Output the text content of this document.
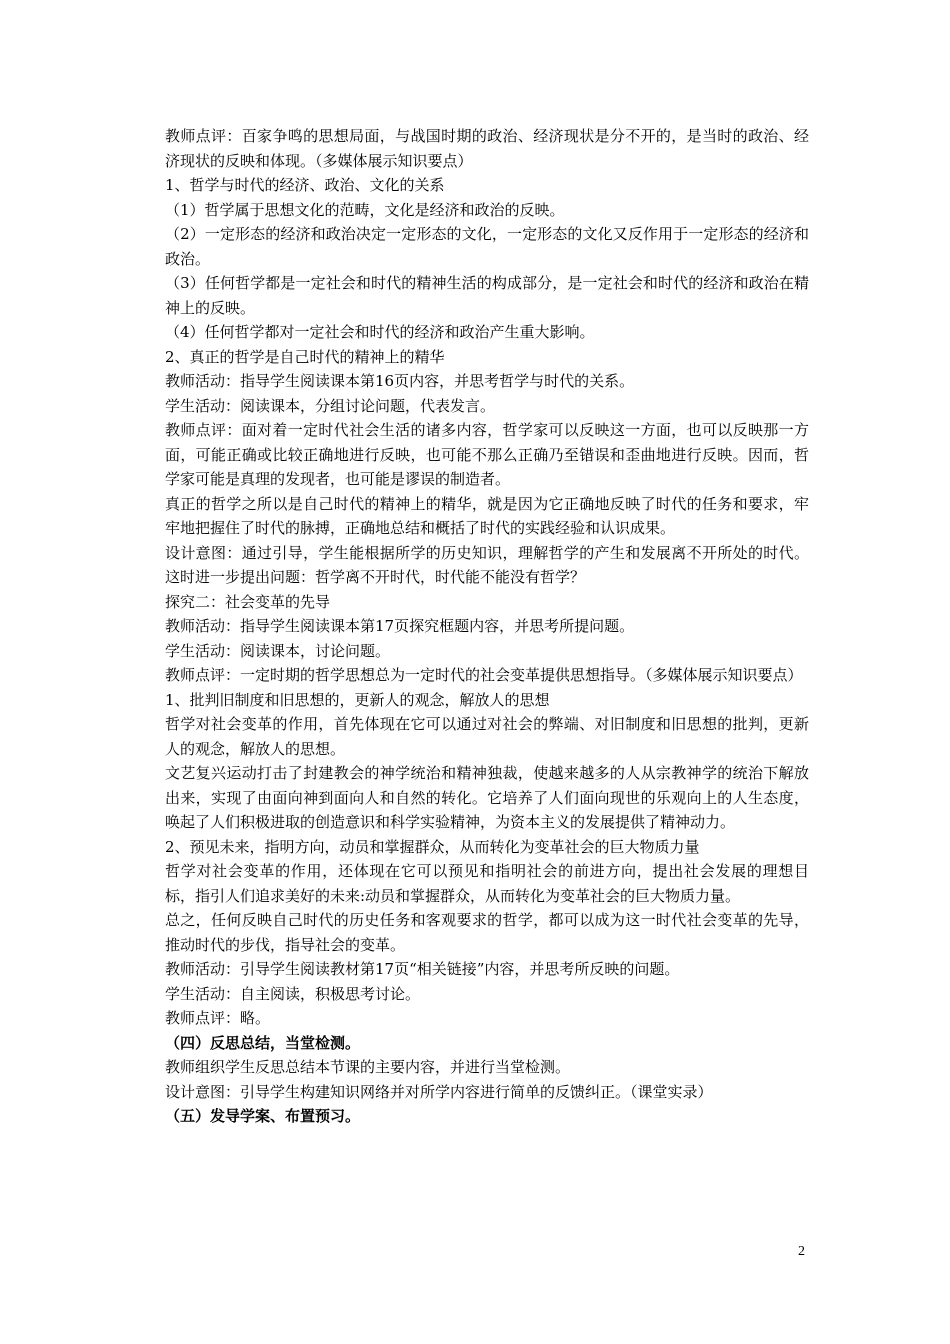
教师点评：百家争鸣的思想局面，与战国时期的政治、经济现状是分不开的，是当时的政治、经济现状的反映和体现。（多媒体展示知识要点）

1、哲学与时代的经济、政治、文化的关系

（1）哲学属于思想文化的范畴，文化是经济和政治的反映。

（2）一定形态的经济和政治决定一定形态的文化，一定形态的文化又反作用于一定形态的经济和政治。

（3）任何哲学都是一定社会和时代的精神生活的构成部分，是一定社会和时代的经济和政治在精神上的反映。

（4）任何哲学都对一定社会和时代的经济和政治产生重大影响。

2、真正的哲学是自己时代的精神上的精华

教师活动：指导学生阅读课本第16页内容，并思考哲学与时代的关系。

学生活动：阅读课本，分组讨论问题，代表发言。

教师点评：面对着一定时代社会生活的诸多内容，哲学家可以反映这一方面，也可以反映那一方面，可能正确或比较正确地进行反映，也可能不那么正确乃至错误和歪曲地进行反映。因而，哲学家可能是真理的发现者，也可能是谬误的制造者。

真正的哲学之所以是自己时代的精神上的精华，就是因为它正确地反映了时代的任务和要求，牢牢地把握住了时代的脉搏，正确地总结和概括了时代的实践经验和认识成果。

设计意图：通过引导，学生能根据所学的历史知识，理解哲学的产生和发展离不开所处的时代。这时进一步提出问题：哲学离不开时代，时代能不能没有哲学？

探究二：社会变革的先导

教师活动：指导学生阅读课本第17页探究框题内容，并思考所提问题。

学生活动：阅读课本，讨论问题。

教师点评：一定时期的哲学思想总为一定时代的社会变革提供思想指导。（多媒体展示知识要点）

1、批判旧制度和旧思想的，更新人的观念，解放人的思想

哲学对社会变革的作用，首先体现在它可以通过对社会的弊端、对旧制度和旧思想的批判，更新人的观念，解放人的思想。

文艺复兴运动打击了封建教会的神学统治和精神独裁，使越来越多的人从宗教神学的统治下解放出来，实现了由面向神到面向人和自然的转化。它培养了人们面向现世的乐观向上的人生态度，唤起了人们积极进取的创造意识和科学实验精神，为资本主义的发展提供了精神动力。

2、预见未来，指明方向，动员和掌握群众，从而转化为变革社会的巨大物质力量

哲学对社会变革的作用，还体现在它可以预见和指明社会的前进方向，提出社会发展的理想目标，指引人们追求美好的未来:动员和掌握群众，从而转化为变革社会的巨大物质力量。

总之，任何反映自己时代的历史任务和客观要求的哲学，都可以成为这一时代社会变革的先导，推动时代的步伐，指导社会的变革。

教师活动：引导学生阅读教材第17页“相关链接”内容，并思考所反映的问题。

学生活动：自主阅读，积极思考讨论。

教师点评：略。

（四）反思总结，当堂检测。

教师组织学生反思总结本节课的主要内容，并进行当堂检测。

设计意图：引导学生构建知识网络并对所学内容进行简单的反馈纠正。（课堂实录）

（五）发导学案、布置预习。

2
